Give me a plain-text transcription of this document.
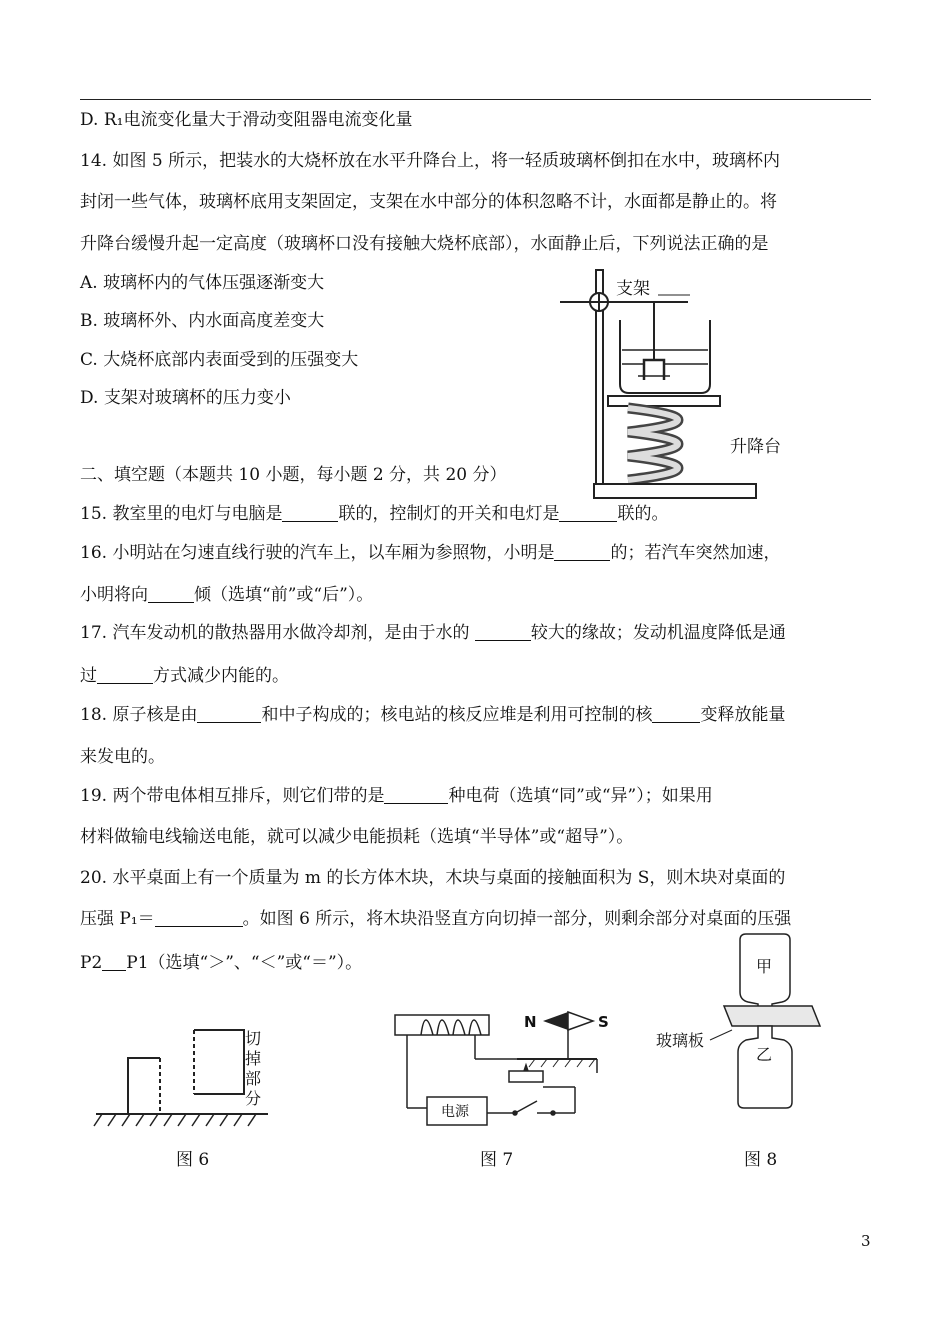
D. R₁电流变化量大于滑动变阻器电流变化量
14. 如图 5 所示，把装水的大烧杯放在水平升降台上，将一轻质玻璃杯倒扣在水中，玻璃杯内
封闭一些气体，玻璃杯底用支架固定，支架在水中部分的体积忽略不计，水面都是静止的。将
升降台缓慢升起一定高度（玻璃杯口没有接触大烧杯底部），水面静止后，下列说法正确的是
A. 玻璃杯内的气体压强逐渐变大
B. 玻璃杯外、内水面高度差变大
C. 大烧杯底部内表面受到的压强变大
D. 支架对玻璃杯的压力变小
二、填空题（本题共 10 小题，每小题 2 分，共 20 分）
15. 教室里的电灯与电脑是	联的，控制灯的开关和电灯是	联的。
16. 小明站在匀速直线行驶的汽车上，以车厢为参照物，小明是	的；若汽车突然加速，
小明将向	倾（选填“前”或“后”）。
17. 汽车发动机的散热器用水做冷却剂，是由于水的	较大的缘故；发动机温度降低是通
过	方式减少内能的。
18. 原子核是由	和中子构成的；核电站的核反应堆是利用可控制的核	变释放能量
来发电的。
19. 两个带电体相互排斥，则它们带的是	种电荷（选填“同”或“异”）；如果用
材料做输电线输送电能，就可以减少电能损耗（选填“半导体”或“超导”）。
20. 水平桌面上有一个质量为 m 的长方体木块，木块与桌面的接触面积为 S，则木块对桌面的
压强 P₁＝	。如图 6 所示，将木块沿竖直方向切掉一部分，则剩余部分对桌面的压强
P2 P1（选填“＞”、“＜”或“＝”）。
支架
升降台
切
掉
部
分
图 6
N	S
电源
图 7
甲
乙
玻璃板
图 8
3
